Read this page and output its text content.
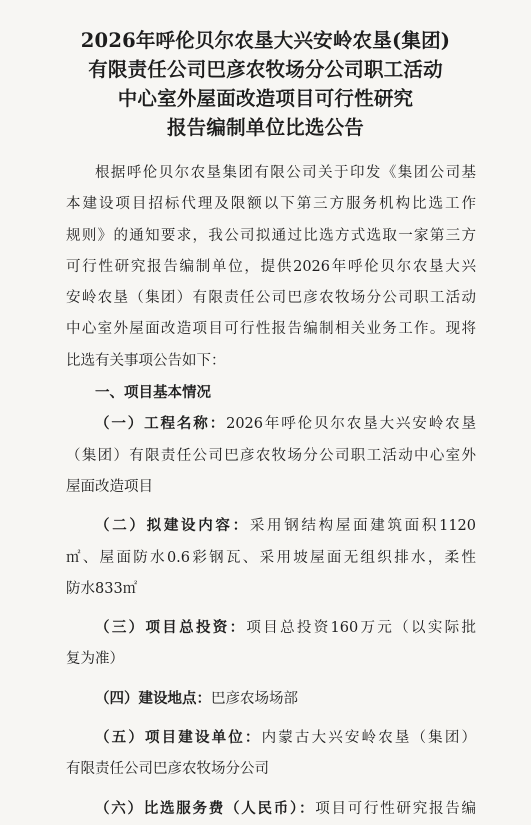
2026年呼伦贝尔农垦大兴安岭农垦(集团)
有限责任公司巴彦农牧场分公司职工活动
中心室外屋面改造项目可行性研究
报告编制单位比选公告

根据呼伦贝尔农垦集团有限公司关于印发《集团公司基

本建设项目招标代理及限额以下第三方服务机构比选工作

规则》的通知要求，我公司拟通过比选方式选取一家第三方

可行性研究报告编制单位，提供2026年呼伦贝尔农垦大兴

安岭农垦（集团）有限责任公司巴彦农牧场分公司职工活动

中心室外屋面改造项目可行性报告编制相关业务工作。现将

比选有关事项公告如下：

一、项目基本情况

（一）工程名称：2026年呼伦贝尔农垦大兴安岭农垦

（集团）有限责任公司巴彦农牧场分公司职工活动中心室外

屋面改造项目

（二）拟建设内容：采用钢结构屋面建筑面积1120

㎡、屋面防水0.6彩钢瓦、采用坡屋面无组织排水，柔性

防水833㎡

（三）项目总投资：项目总投资160万元（以实际批

复为准）

（四）建设地点：巴彦农场场部

（五）项目建设单位：内蒙古大兴安岭农垦（集团）

有限责任公司巴彦农牧场分公司

（六）比选服务费（人民币）：项目可行性研究报告编
